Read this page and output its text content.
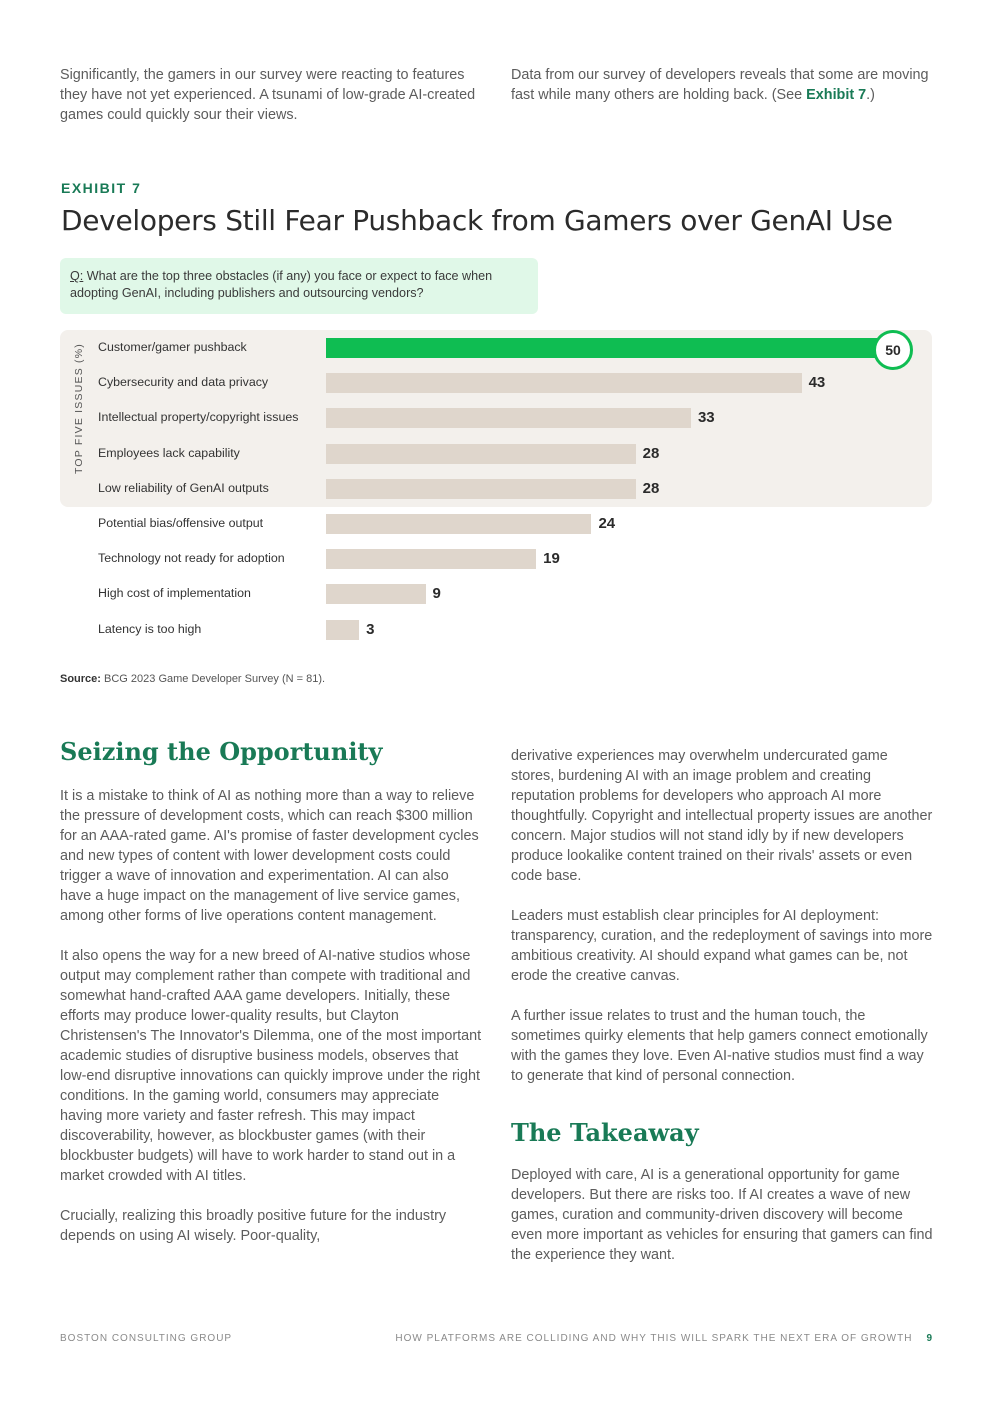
Significantly, the gamers in our survey were reacting to features they have not yet experienced. A tsunami of low-grade AI-created games could quickly sour their views.

Data from our survey of developers reveals that some are moving fast while many others are holding back. (See Exhibit 7.)

EXHIBIT 7
Developers Still Fear Pushback from Gamers over GenAI Use
Q: What are the top three obstacles (if any) you face or expect to face when adopting GenAI, including publishers and outsourcing vendors?
TOP FIVE ISSUES (%) Customer/gamer pushback	50
Cybersecurity and data privacy	43
Intellectual property/copyright issues	33
Employees lack capability	28
Low reliability of GenAI outputs	28
Potential bias/offensive output	24
Technology not ready for adoption	19
High cost of implementation	9
Latency is too high	3
Source: BCG 2023 Game Developer Survey (N = 81).
Seizing the Opportunity

It is a mistake to think of AI as nothing more than a way to relieve the pressure of development costs, which can reach $300 million for an AAA-rated game. AI's promise of faster development cycles and new types of content with lower development costs could trigger a wave of innovation and experimentation. AI can also have a huge impact on the management of live service games, among other forms of live operations content management.

It also opens the way for a new breed of AI-native studios whose output may complement rather than compete with traditional and somewhat hand-crafted AAA game developers. Initially, these efforts may produce lower-quality results, but Clayton Christensen's The Innovator's Dilemma, one of the most important academic studies of disruptive business models, observes that low-end disruptive innovations can quickly improve under the right conditions. In the gaming world, consumers may appreciate having more variety and faster refresh. This may impact discoverability, however, as blockbuster games (with their blockbuster budgets) will have to work harder to stand out in a market crowded with AI titles.

Crucially, realizing this broadly positive future for the industry depends on using AI wisely. Poor-quality,

derivative experiences may overwhelm undercurated game stores, burdening AI with an image problem and creating reputation problems for developers who approach AI more thoughtfully. Copyright and intellectual property issues are another concern. Major studios will not stand idly by if new developers produce lookalike content trained on their rivals' assets or even code base.

Leaders must establish clear principles for AI deployment: transparency, curation, and the redeployment of savings into more ambitious creativity. AI should expand what games can be, not erode the creative canvas.

A further issue relates to trust and the human touch, the sometimes quirky elements that help gamers connect emotionally with the games they love. Even AI-native studios must find a way to generate that kind of personal connection.

The Takeaway

Deployed with care, AI is a generational opportunity for game developers. But there are risks too. If AI creates a wave of new games, curation and community-driven discovery will become even more important as vehicles for ensuring that gamers can find the experience they want.

BOSTON CONSULTING GROUP	HOW PLATFORMS ARE COLLIDING AND WHY THIS WILL SPARK THE NEXT ERA OF GROWTH 9
